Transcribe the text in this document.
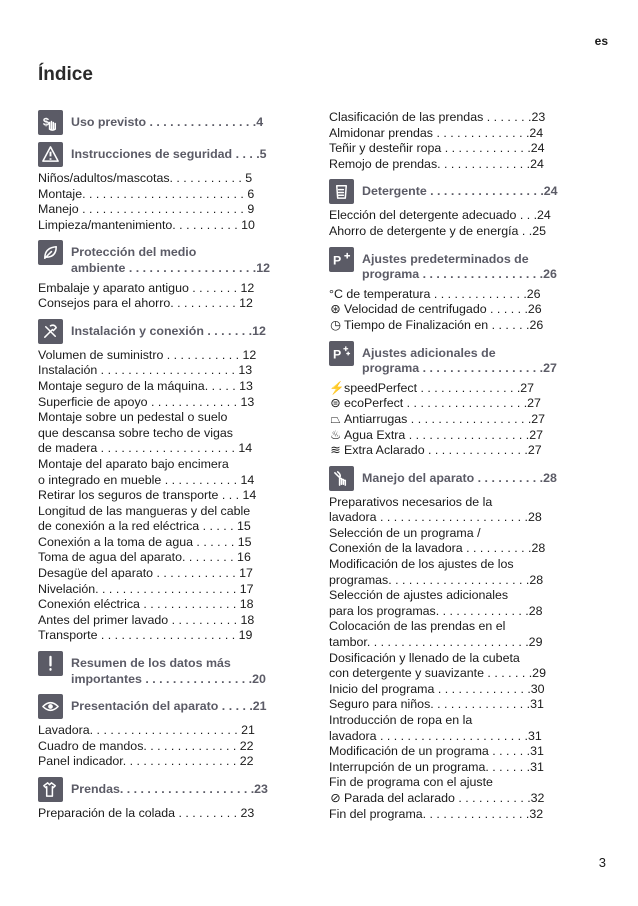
es
Índice
$ Uso previsto . . . . . . . . . . . . . . . .4
Instrucciones de seguridad . . . .5
Niños/adultos/mascotas. . . . . . . . . . . 5
Montaje. . . . . . . . . . . . . . . . . . . . . . . . 6
Manejo . . . . . . . . . . . . . . . . . . . . . . . . 9
Limpieza/mantenimiento. . . . . . . . . . 10
Protección del medio
ambiente . . . . . . . . . . . . . . . . . . .12
Embalaje y aparato antiguo . . . . . . . 12
Consejos para el ahorro. . . . . . . . . . 12
Instalación y conexión . . . . . . .12
Volumen de suministro . . . . . . . . . . . 12
Instalación . . . . . . . . . . . . . . . . . . . . 13
Montaje seguro de la máquina. . . . . 13
Superficie de apoyo . . . . . . . . . . . . . 13
Montaje sobre un pedestal o suelo
que descansa sobre techo de vigas
de madera . . . . . . . . . . . . . . . . . . . . 14
Montaje del aparato bajo encimera
o integrado en mueble . . . . . . . . . . . 14
Retirar los seguros de transporte . . . 14
Longitud de las mangueras y del cable
de conexión a la red eléctrica . . . . . 15
Conexión a la toma de agua . . . . . . 15
Toma de agua del aparato. . . . . . . . 16
Desagüe del aparato . . . . . . . . . . . . 17
Nivelación. . . . . . . . . . . . . . . . . . . . . 17
Conexión eléctrica . . . . . . . . . . . . . . 18
Antes del primer lavado . . . . . . . . . . 18
Transporte . . . . . . . . . . . . . . . . . . . . 19
Resumen de los datos más
importantes . . . . . . . . . . . . . . . .20
Presentación del aparato . . . . .21
Lavadora. . . . . . . . . . . . . . . . . . . . . . 21
Cuadro de mandos. . . . . . . . . . . . . . 22
Panel indicador. . . . . . . . . . . . . . . . . 22
Prendas. . . . . . . . . . . . . . . . . . . .23
Preparación de la colada . . . . . . . . . 23
Clasificación de las prendas . . . . . . .23
Almidonar prendas . . . . . . . . . . . . . .24
Teñir y desteñir ropa . . . . . . . . . . . . .24
Remojo de prendas. . . . . . . . . . . . . .24
Detergente . . . . . . . . . . . . . . . . .24
Elección del detergente adecuado . . .24
Ahorro de detergente y de energía . .25
P Ajustes predeterminados de
programa . . . . . . . . . . . . . . . . . .26
°C de temperatura . . . . . . . . . . . . . .26
⊛ Velocidad de centrifugado . . . . . .26
◷ Tiempo de Finalización en . . . . . .26
P Ajustes adicionales de
programa . . . . . . . . . . . . . . . . . .27
⚡speedPerfect . . . . . . . . . . . . . . .27
⊜ ecoPerfect . . . . . . . . . . . . . . . . . .27
⏢ Antiarrugas . . . . . . . . . . . . . . . . . .27
♨ Agua Extra . . . . . . . . . . . . . . . . . .27
≋ Extra Aclarado . . . . . . . . . . . . . . .27
Manejo del aparato . . . . . . . . . .28
Preparativos necesarios de la
lavadora . . . . . . . . . . . . . . . . . . . . . .28
Selección de un programa /
Conexión de la lavadora . . . . . . . . . .28
Modificación de los ajustes de los
programas. . . . . . . . . . . . . . . . . . . . .28
Selección de ajustes adicionales
para los programas. . . . . . . . . . . . . .28
Colocación de las prendas en el
tambor. . . . . . . . . . . . . . . . . . . . . . . .29
Dosificación y llenado de la cubeta
con detergente y suavizante . . . . . . .29
Inicio del programa . . . . . . . . . . . . . .30
Seguro para niños. . . . . . . . . . . . . . .31
Introducción de ropa en la
lavadora . . . . . . . . . . . . . . . . . . . . . .31
Modificación de un programa . . . . . .31
Interrupción de un programa. . . . . . .31
Fin de programa con el ajuste
⊘ Parada del aclarado . . . . . . . . . . .32
Fin del programa. . . . . . . . . . . . . . . .32
3
